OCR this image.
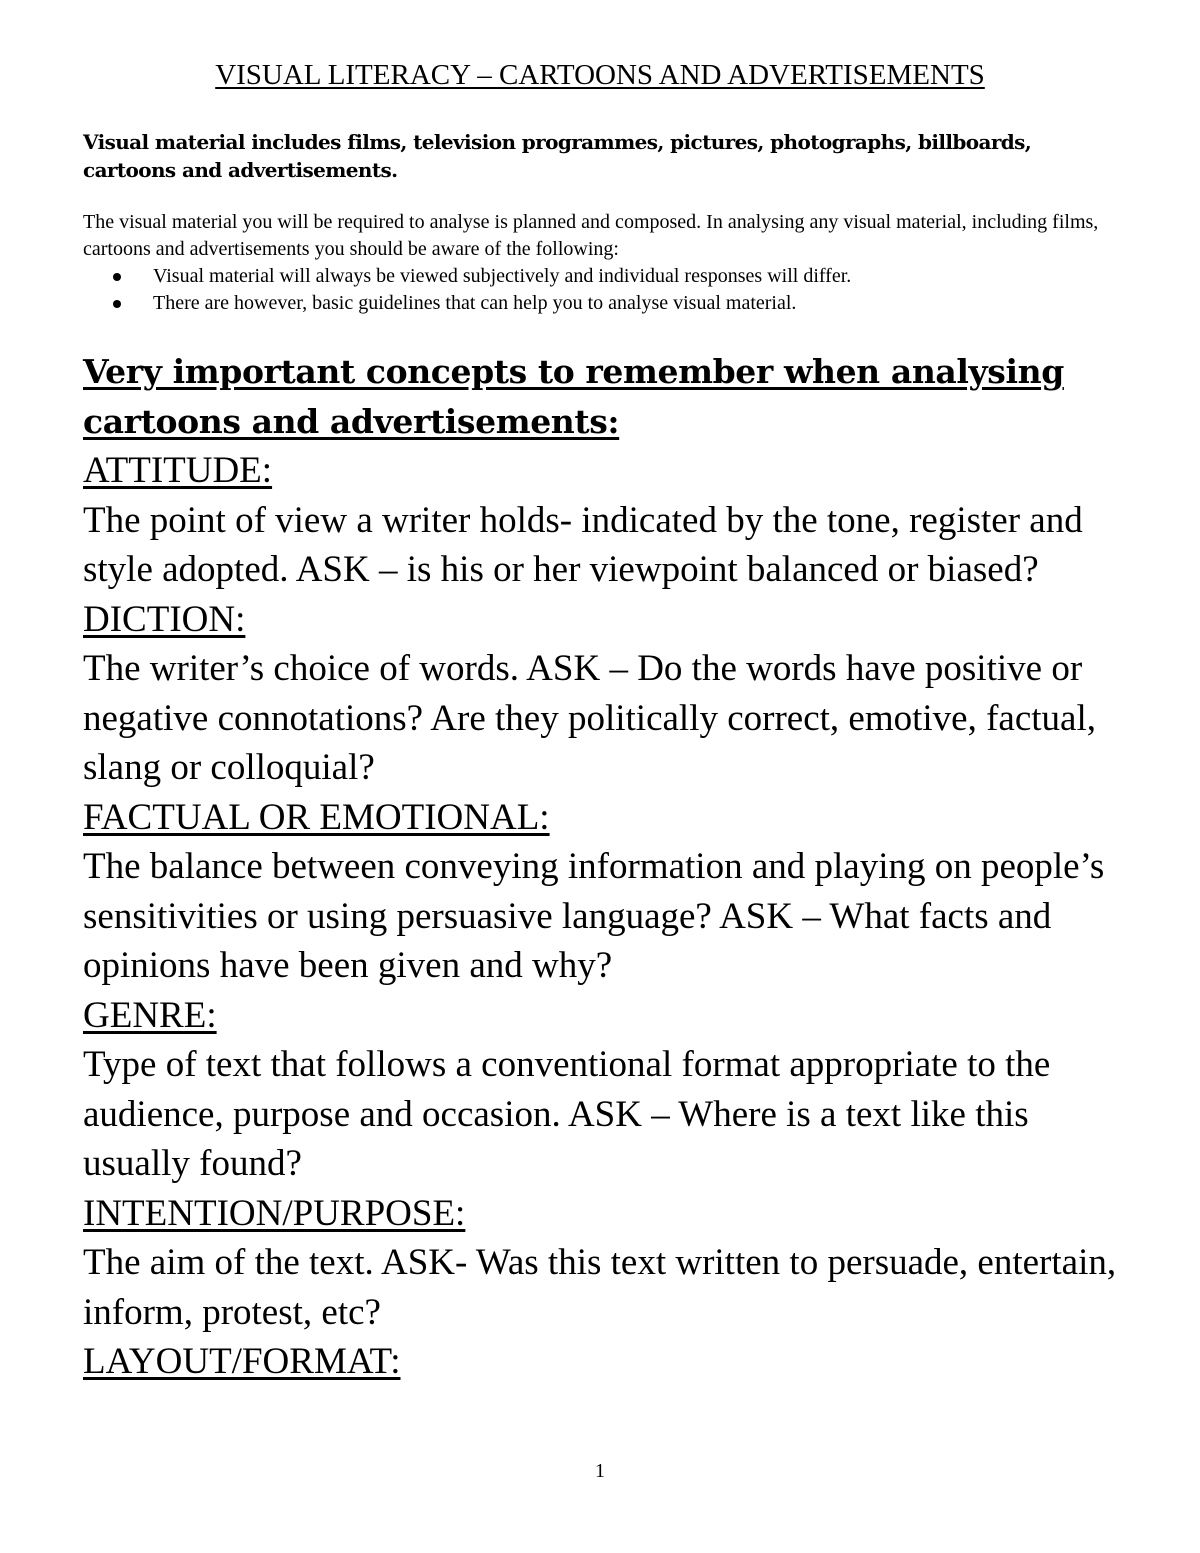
VISUAL LITERACY – CARTOONS AND ADVERTISEMENTS
Visual material includes films, television programmes, pictures, photographs, billboards, cartoons and advertisements.
The visual material you will be required to analyse is planned and composed. In analysing any visual material, including films, cartoons and advertisements you should be aware of the following:
Visual material will always be viewed subjectively and individual responses will differ.
There are however, basic guidelines that can help you to analyse visual material.
Very important concepts to remember when analysing cartoons and advertisements:
ATTITUDE:
The point of view a writer holds- indicated by the tone, register and style adopted. ASK – is his or her viewpoint balanced or biased?
DICTION:
The writer’s choice of words. ASK – Do the words have positive or negative connotations? Are they politically correct, emotive, factual, slang or colloquial?
FACTUAL OR EMOTIONAL:
The balance between conveying information and playing on people’s sensitivities or using persuasive language? ASK – What facts and opinions have been given and why?
GENRE:
Type of text that follows a conventional format appropriate to the audience, purpose and occasion. ASK – Where is a text like this usually found?
INTENTION/PURPOSE:
The aim of the text. ASK- Was this text written to persuade, entertain, inform, protest, etc?
LAYOUT/FORMAT:
1
